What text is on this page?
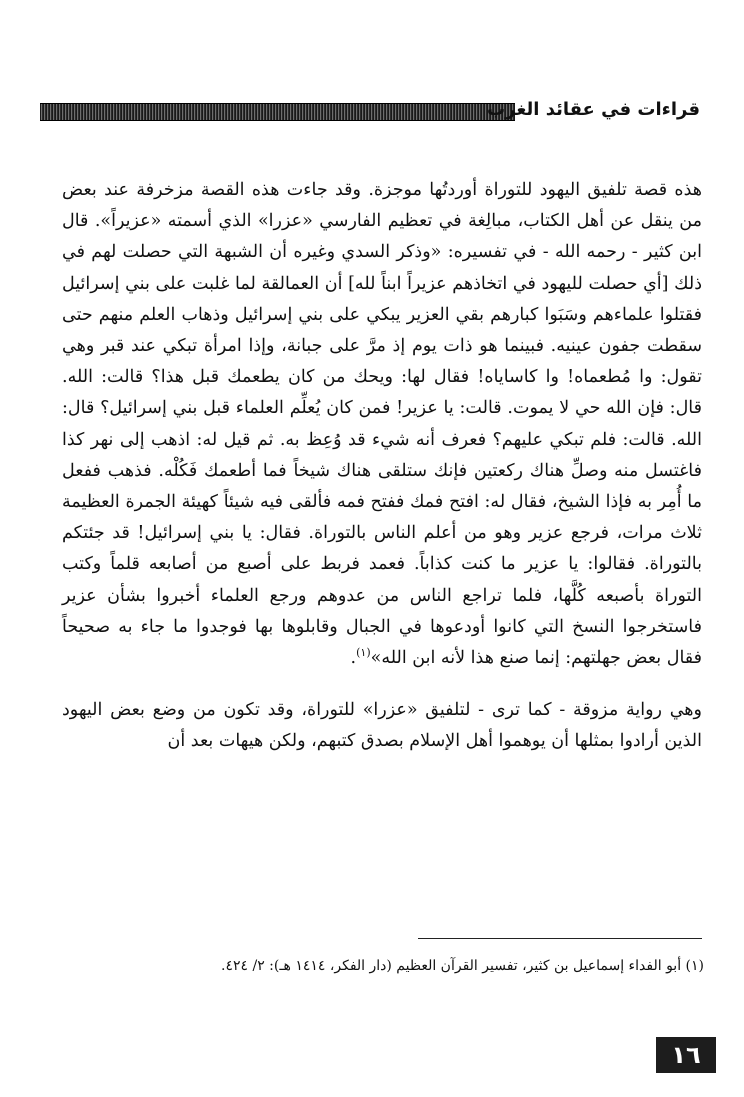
قراءات في عقائد الغرب

هذه قصة تلفيق اليهود للتوراة أوردتُها موجزة. وقد جاءت هذه القصة مزخرفة عند بعض من ينقل عن أهل الكتاب، مبالِغة في تعظيم الفارسي «عزرا» الذي أسمته «عزيراً». قال ابن كثير - رحمه الله - في تفسيره: «وذكر السدي وغيره أن الشبهة التي حصلت لهم في ذلك [أي حصلت لليهود في اتخاذهم عزيراً ابناً لله] أن العمالقة لما غلبت على بني إسرائيل فقتلوا علماءهم وسَبَوا كبارهم بقي العزير يبكي على بني إسرائيل وذهاب العلم منهم حتى سقطت جفون عينيه. فبينما هو ذات يوم إذ مرَّ على جبانة، وإذا امرأة تبكي عند قبر وهي تقول: وا مُطعماه! وا كاساياه! فقال لها: ويحك من كان يطعمك قبل هذا؟ قالت: الله. قال: فإن الله حي لا يموت. قالت: يا عزير! فمن كان يُعلِّم العلماء قبل بني إسرائيل؟ قال: الله. قالت: فلم تبكي عليهم؟ فعرف أنه شيء قد وُعِظ به. ثم قيل له: اذهب إلى نهر كذا فاغتسل منه وصلِّ هناك ركعتين فإنك ستلقى هناك شيخاً فما أطعمك فَكُلْه. فذهب ففعل ما أُمِر به فإذا الشيخ، فقال له: افتح فمك ففتح فمه فألقى فيه شيئاً كهيئة الجمرة العظيمة ثلاث مرات، فرجع عزير وهو من أعلم الناس بالتوراة. فقال: يا بني إسرائيل! قد جئتكم بالتوراة. فقالوا: يا عزير ما كنت كذاباً. فعمد فربط على أصبع من أصابعه قلماً وكتب التوراة بأصبعه كُلَّها، فلما تراجع الناس من عدوهم ورجع العلماء أخبروا بشأن عزير فاستخرجوا النسخ التي كانوا أودعوها في الجبال وقابلوها بها فوجدوا ما جاء به صحيحاً فقال بعض جهلتهم: إنما صنع هذا لأنه ابن الله»$^{(١)}$.

وهي رواية مزوقة - كما ترى - لتلفيق «عزرا» للتوراة، وقد تكون من وضع بعض اليهود الذين أرادوا بمثلها أن يوهموا أهل الإسلام بصدق كتبهم، ولكن هيهات بعد أن

(١) أبو الفداء إسماعيل بن كثير، تفسير القرآن العظيم (دار الفكر، ١٤١٤ هـ): ٢/ ٤٢٤.
١٦
